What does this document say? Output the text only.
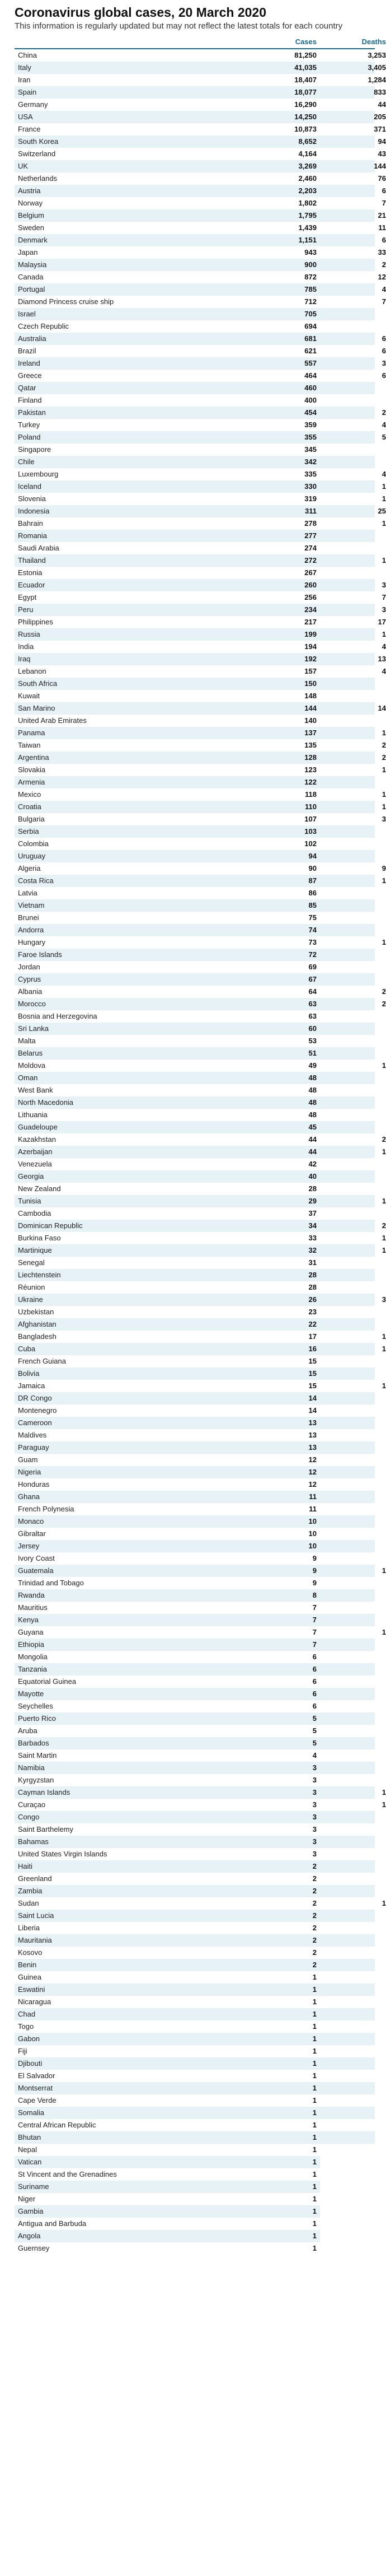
Coronavirus global cases, 20 March 2020
This information is regularly updated but may not reflect the latest totals for each country
Cases	Deaths
China	81,250	3,253
Italy	41,035	3,405
Iran	18,407	1,284
Spain	18,077	833
Germany	16,290	44
USA	14,250	205
France	10,873	371
South Korea	8,652	94
Switzerland	4,164	43
UK	3,269	144
Netherlands	2,460	76
Austria	2,203	6
Norway	1,802	7
Belgium	1,795	21
Sweden	1,439	11
Denmark	1,151	6
Japan	943	33
Malaysia	900	2
Canada	872	12
Portugal	785	4
Diamond Princess cruise ship	712	7
Israel	705
Czech Republic	694
Australia	681	6
Brazil	621	6
Ireland	557	3
Greece	464	6
Qatar	460
Finland	400
Pakistan	454	2
Turkey	359	4
Poland	355	5
Singapore	345
Chile	342
Luxembourg	335	4
Iceland	330	1
Slovenia	319	1
Indonesia	311	25
Bahrain	278	1
Romania	277
Saudi Arabia	274
Thailand	272	1
Estonia	267
Ecuador	260	3
Egypt	256	7
Peru	234	3
Philippines	217	17
Russia	199	1
India	194	4
Iraq	192	13
Lebanon	157	4
South Africa	150
Kuwait	148
San Marino	144	14
United Arab Emirates	140
Panama	137	1
Taiwan	135	2
Argentina	128	2
Slovakia	123	1
Armenia	122
Mexico	118	1
Croatia	110	1
Bulgaria	107	3
Serbia	103
Colombia	102
Uruguay	94
Algeria	90	9
Costa Rica	87	1
Latvia	86
Vietnam	85
Brunei	75
Andorra	74
Hungary	73	1
Faroe Islands	72
Jordan	69
Cyprus	67
Albania	64	2
Morocco	63	2
Bosnia and Herzegovina	63
Sri Lanka	60
Malta	53
Belarus	51
Moldova	49	1
Oman	48
West Bank	48
North Macedonia	48
Lithuania	48
Guadeloupe	45
Kazakhstan	44	2
Azerbaijan	44	1
Venezuela	42
Georgia	40
New Zealand	28
Tunisia	29	1
Cambodia	37
Dominican Republic	34	2
Burkina Faso	33	1
Martinique	32	1
Senegal	31
Liechtenstein	28
Réunion	28
Ukraine	26	3
Uzbekistan	23
Afghanistan	22
Bangladesh	17	1
Cuba	16	1
French Guiana	15
Bolivia	15
Jamaica	15	1
DR Congo	14
Montenegro	14
Cameroon	13
Maldives	13
Paraguay	13
Guam	12
Nigeria	12
Honduras	12
Ghana	11
French Polynesia	11
Monaco	10
Gibraltar	10
Jersey	10
Ivory Coast	9
Guatemala	9	1
Trinidad and Tobago	9
Rwanda	8
Mauritius	7
Kenya	7
Guyana	7	1
Ethiopia	7
Mongolia	6
Tanzania	6
Equatorial Guinea	6
Mayotte	6
Seychelles	6
Puerto Rico	5
Aruba	5
Barbados	5
Saint Martin	4
Namibia	3
Kyrgyzstan	3
Cayman Islands	3	1
Curaçao	3	1
Congo	3
Saint Barthelemy	3
Bahamas	3
United States Virgin Islands	3
Haiti	2
Greenland	2
Zambia	2
Sudan	2	1
Saint Lucia	2
Liberia	2
Mauritania	2
Kosovo	2
Benin	2
Guinea	1
Eswatini	1
Nicaragua	1
Chad	1
Togo	1
Gabon	1
Fiji	1
Djibouti	1
El Salvador	1
Montserrat	1
Cape Verde	1
Somalia	1
Central African Republic	1
Bhutan	1
Nepal	1
Vatican	1
St Vincent and the Grenadines	1
Suriname	1
Niger	1
Gambia	1
Antigua and Barbuda	1
Angola	1
Guernsey	1
